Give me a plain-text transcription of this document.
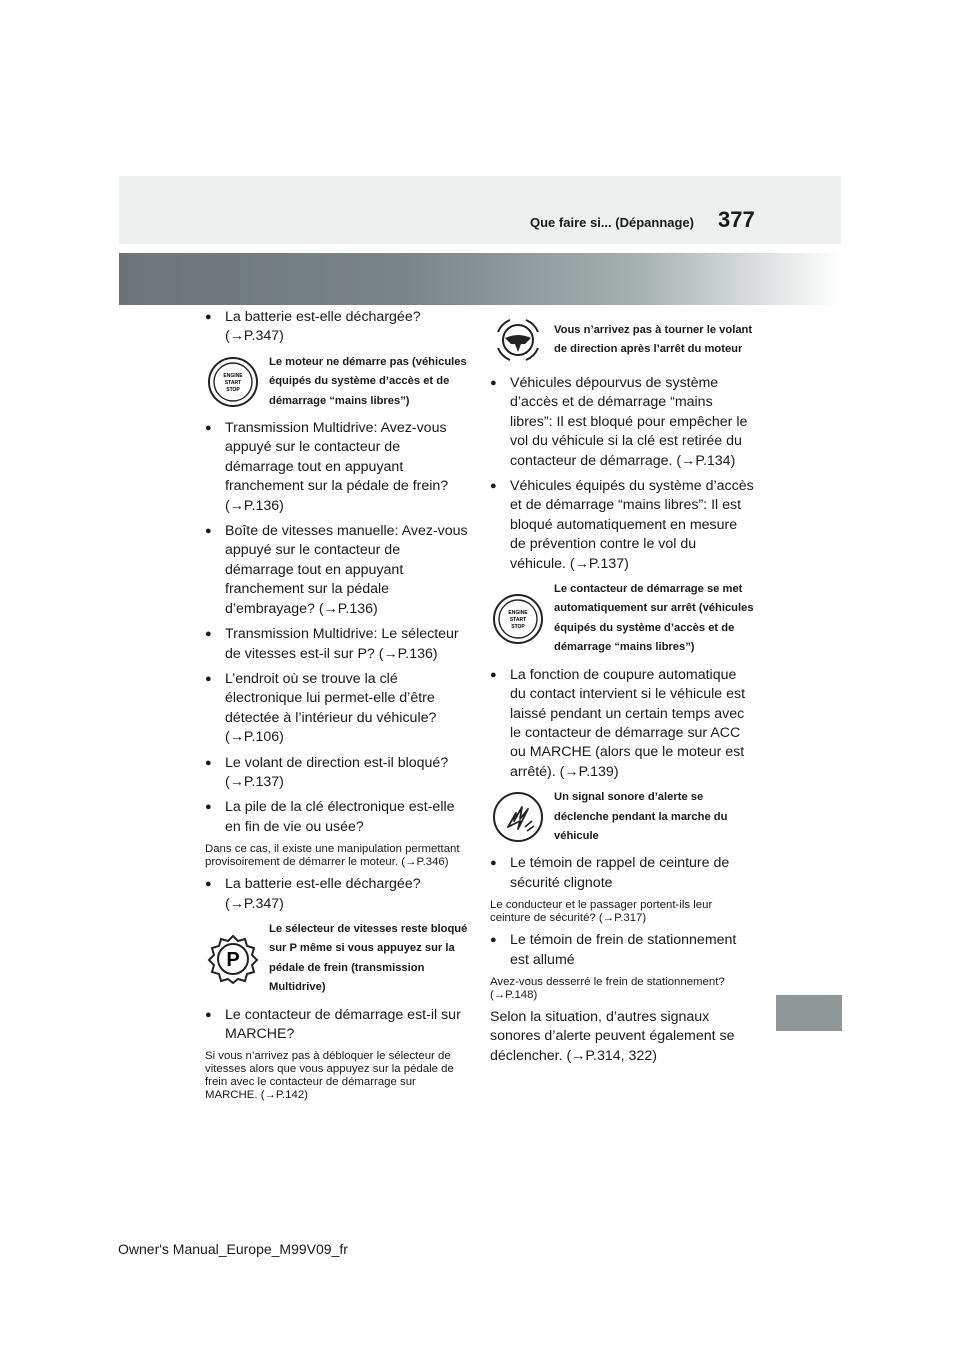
Que faire si... (Dépannage) 377
● La batterie est-elle déchargée? (→P.347)
ENGINE
START
STOP
Le moteur ne démarre pas (véhicules équipés du système d’accès et de démarrage “mains libres”)
● Transmission Multidrive: Avez-vous appuyé sur le contacteur de démarrage tout en appuyant franchement sur la pédale de frein? (→P.136)
● Boîte de vitesses manuelle: Avez-vous appuyé sur le contacteur de démarrage tout en appuyant franchement sur la pédale d’embrayage? (→P.136)
● Transmission Multidrive: Le sélecteur de vitesses est-il sur P? (→P.136)
● L’endroit où se trouve la clé électronique lui permet-elle d’être détectée à l’intérieur du véhicule? (→P.106)
● Le volant de direction est-il bloqué? (→P.137)
● La pile de la clé électronique est-elle en fin de vie ou usée?
Dans ce cas, il existe une manipulation permettant provisoirement de démarrer le moteur. (→P.346)
● La batterie est-elle déchargée? (→P.347)
P
Le sélecteur de vitesses reste bloqué sur P même si vous appuyez sur la pédale de frein (transmission Multidrive)
● Le contacteur de démarrage est-il sur MARCHE?
Si vous n’arrivez pas à débloquer le sélecteur de vitesses alors que vous appuyez sur la pédale de frein avec le contacteur de démarrage sur MARCHE. (→P.142)
Vous n’arrivez pas à tourner le volant de direction après l’arrêt du moteur
● Véhicules dépourvus de système d’accès et de démarrage “mains libres”: Il est bloqué pour empêcher le vol du véhicule si la clé est retirée du contacteur de démarrage. (→P.134)
● Véhicules équipés du système d’accès et de démarrage “mains libres”: Il est bloqué automatiquement en mesure de prévention contre le vol du véhicule. (→P.137)
ENGINE
START
STOP
Le contacteur de démarrage se met automatiquement sur arrêt (véhicules équipés du système d’accès et de démarrage “mains libres”)
● La fonction de coupure automatique du contact intervient si le véhicule est laissé pendant un certain temps avec le contacteur de démarrage sur ACC ou MARCHE (alors que le moteur est arrêté). (→P.139)
Un signal sonore d’alerte se déclenche pendant la marche du véhicule
● Le témoin de rappel de ceinture de sécurité clignote
Le conducteur et le passager portent-ils leur ceinture de sécurité? (→P.317)
● Le témoin de frein de stationnement est allumé
Avez-vous desserré le frein de stationnement? (→P.148)
Selon la situation, d’autres signaux sonores d’alerte peuvent également se déclencher. (→P.314, 322)
Owner's Manual_Europe_M99V09_fr
